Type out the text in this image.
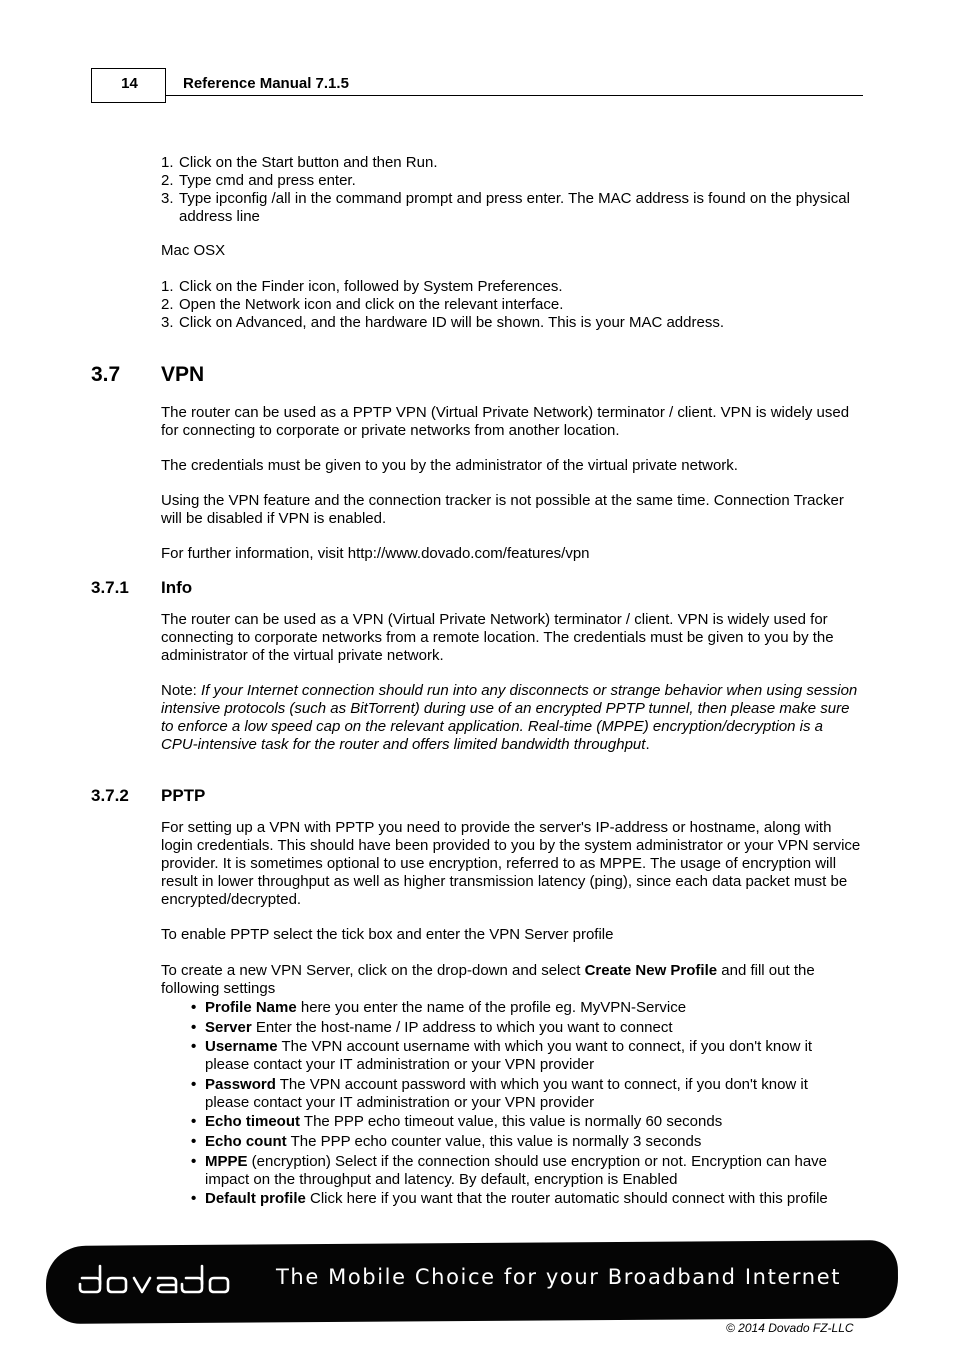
14	Reference Manual 7.1.5
1. Click on the Start button and then Run.
2. Type cmd and press enter.
3. Type ipconfig /all in the command prompt and press enter. The MAC address is found on the physical address line
Mac OSX
1. Click on the Finder icon, followed by System Preferences.
2. Open the Network icon and click on the relevant interface.
3. Click on Advanced, and the hardware ID will be shown. This is your MAC address.
3.7 VPN
The router can be used as a PPTP VPN (Virtual Private Network) terminator / client. VPN is widely used for connecting to corporate or private networks from another location.
The credentials must be given to you by the administrator of the virtual private network.
Using the VPN feature and the connection tracker is not possible at the same time. Connection Tracker will be disabled if VPN is enabled.
For further information, visit http://www.dovado.com/features/vpn
3.7.1 Info
The router can be used as a VPN (Virtual Private Network) terminator / client. VPN is widely used for connecting to corporate networks from a remote location. The credentials must be given to you by the administrator of the virtual private network.
Note: If your Internet connection should run into any disconnects or strange behavior when using session intensive protocols (such as BitTorrent) during use of an encrypted PPTP tunnel, then please make sure to enforce a low speed cap on the relevant application. Real-time (MPPE) encryption/decryption is a CPU-intensive task for the router and offers limited bandwidth throughput.
3.7.2 PPTP
For setting up a VPN with PPTP you need to provide the server's IP-address or hostname, along with login credentials. This should have been provided to you by the system administrator or your VPN service provider. It is sometimes optional to use encryption, referred to as MPPE. The usage of encryption will result in lower throughput as well as higher transmission latency (ping), since each data packet must be encrypted/decrypted.
To enable PPTP select the tick box and enter the VPN Server profile
To create a new VPN Server, click on the drop-down and select Create New Profile and fill out the following settings
• Profile Name here you enter the name of the profile eg. MyVPN-Service
• Server Enter the host-name / IP address to which you want to connect
• Username The VPN account username with which you want to connect, if you don't know it please contact your IT administration or your VPN provider
• Password The VPN account password with which you want to connect, if you don't know it please contact your IT administration or your VPN provider
• Echo timeout The PPP echo timeout value, this value is normally 60 seconds
• Echo count The PPP echo counter value, this value is normally 3 seconds
• MPPE (encryption) Select if the connection should use encryption or not. Encryption can have impact on the throughput and latency. By default, encryption is Enabled
• Default profile Click here if you want that the router automatic should connect with this profile
The Mobile Choice for your Broadband Internet
© 2014 Dovado FZ-LLC
